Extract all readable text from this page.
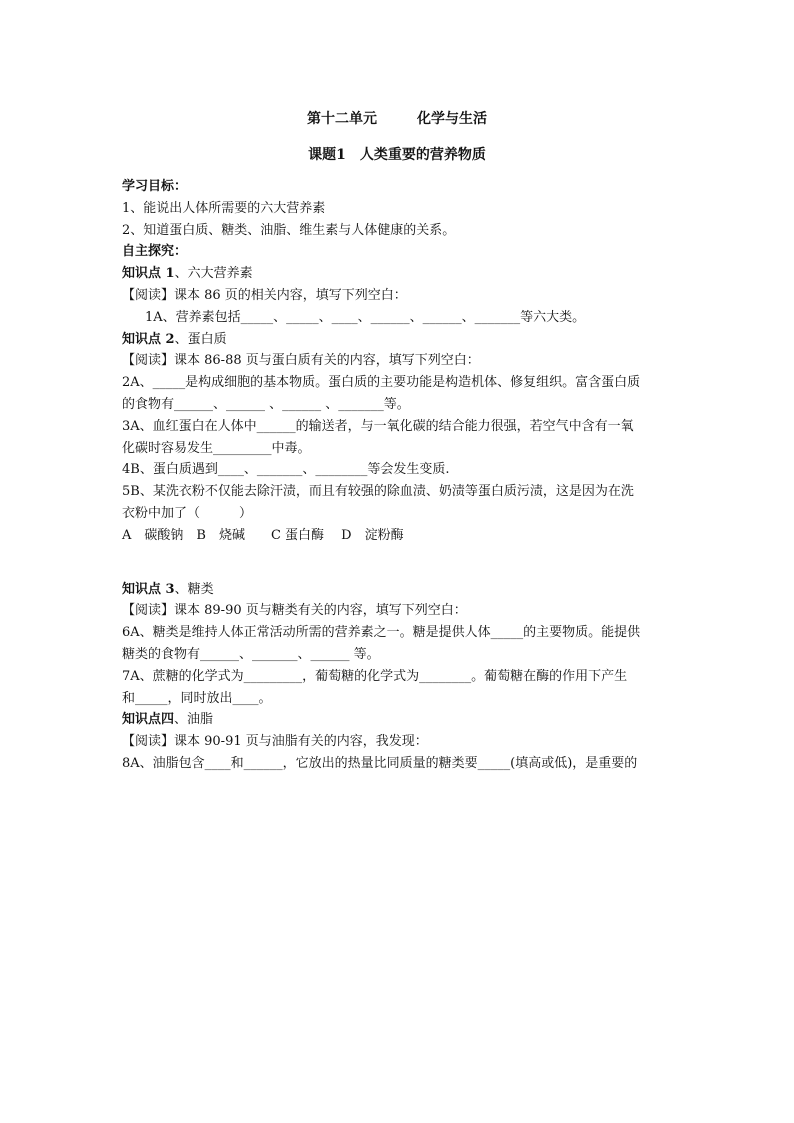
第十二单元	化学与生活
课题1　人类重要的营养物质
学习目标：
1、能说出人体所需要的六大营养素
2、知道蛋白质、糖类、油脂、维生素与人体健康的关系。
自主探究：
知识点 1、六大营养素
【阅读】课本 86 页的相关内容，填写下列空白：
1A、营养素包括_____、_____、____、______、______、_______等六大类。
知识点 2、蛋白质
【阅读】课本 86-88 页与蛋白质有关的内容，填写下列空白：
2A、_____是构成细胞的基本物质。蛋白质的主要功能是构造机体、修复组织。富含蛋白质
的食物有______、______ 、______ 、_______等。
3A、血红蛋白在人体中______的输送者，与一氧化碳的结合能力很强，若空气中含有一氧
化碳时容易发生_________中毒。
4B、蛋白质遇到____、_______、________等会发生变质.
5B、某洗衣粉不仅能去除汗渍，而且有较强的除血渍、奶渍等蛋白质污渍，这是因为在洗
衣粉中加了（　　　）
A　碳酸钠　B　烧碱　　C 蛋白酶　 D　淀粉酶
知识点 3、糖类
【阅读】课本 89-90 页与糖类有关的内容，填写下列空白：
6A、糖类是维持人体正常活动所需的营养素之一。糖是提供人体_____的主要物质。能提供
糖类的食物有______、_______、______ 等。
7A、蔗糖的化学式为_________，葡萄糖的化学式为________。葡萄糖在酶的作用下产生
和_____，同时放出____。
知识点四、油脂
【阅读】课本 90-91 页与油脂有关的内容，我发现：
8A、油脂包含____和______，它放出的热量比同质量的糖类要_____(填高或低)，是重要的
